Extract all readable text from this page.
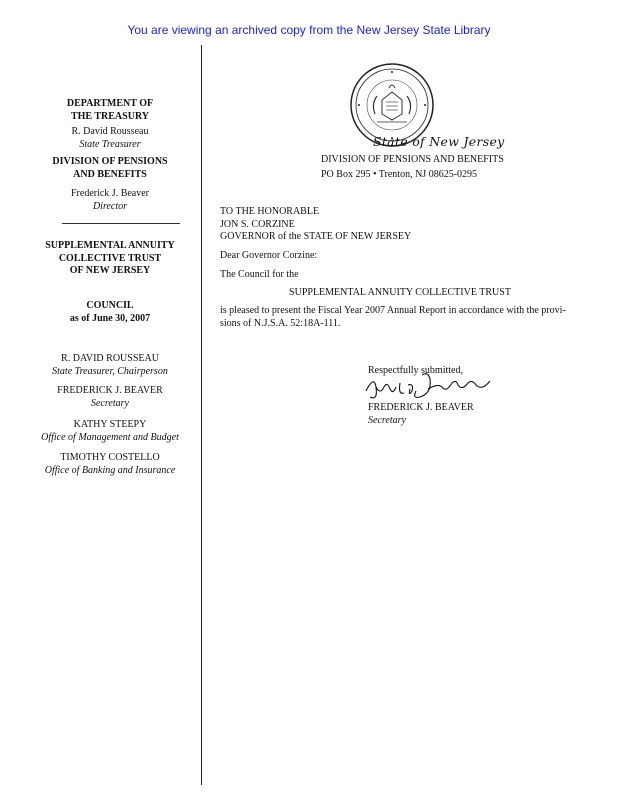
You are viewing an archived copy from the New Jersey State Library
DEPARTMENT OF
THE TREASURY
R. David Rousseau
State Treasurer
DIVISION OF PENSIONS
AND BENEFITS
Frederick J. Beaver
Director
SUPPLEMENTAL ANNUITY
COLLECTIVE TRUST
OF NEW JERSEY
COUNCIL
as of June 30, 2007
R. DAVID ROUSSEAU
State Treasurer, Chairperson
FREDERICK J. BEAVER
Secretary
KATHY STEEPY
Office of Management and Budget
TIMOTHY COSTELLO
Office of Banking and Insurance
State of New Jersey
DIVISION OF PENSIONS AND BENEFITS
PO Box 295 • Trenton, NJ 08625-0295
TO THE HONORABLE
JON S. CORZINE
GOVERNOR of the STATE OF NEW JERSEY
Dear Governor Corzine:
The Council for the
SUPPLEMENTAL ANNUITY COLLECTIVE TRUST
is pleased to present the Fiscal Year 2007 Annual Report in accordance with the provi-
sions of N.J.S.A. 52:18A-111.
Respectfully submitted,
FREDERICK J. BEAVER
Secretary
